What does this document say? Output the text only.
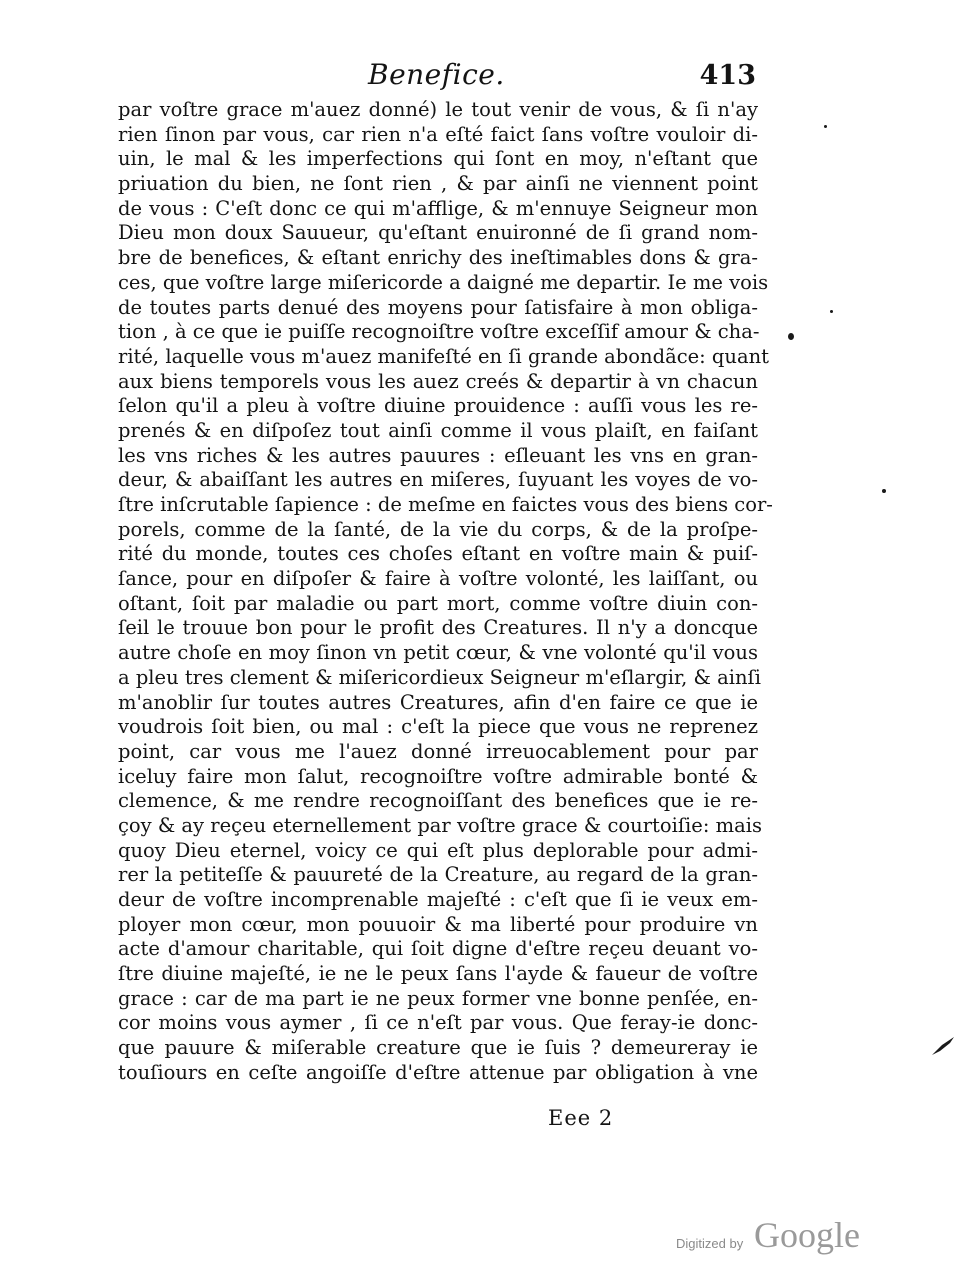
Benefice.	413
par voſtre grace m'auez donné) le tout venir de vous, & ſi n'ay
rien ſinon par vous, car rien n'a eſté faict ſans voſtre vouloir di-
uin, le mal & les imperfections qui ſont en moy, n'eſtant que
priuation du bien, ne ſont rien , & par ainſi ne viennent point
de vous : C'eſt donc ce qui m'afflige, & m'ennuye Seigneur mon
Dieu mon doux Sauueur, qu'eſtant enuironné de ſi grand nom-
bre de benefices, & eſtant enrichy des ineſtimables dons & gra-
ces, que voſtre large miſericorde a daigné me departir. Ie me vois
de toutes parts denué des moyens pour ſatisfaire à mon obliga-
tion , à ce que ie puiſſe recognoiſtre voſtre exceſſif amour & cha-
rité, laquelle vous m'auez manifeſté en ſi grande abondãce: quant
aux biens temporels vous les auez creés & departir à vn chacun
ſelon qu'il a pleu à voſtre diuine prouidence : auſſi vous les re-
prenés & en diſpoſez tout ainſi comme il vous plaiſt, en faiſant
les vns riches & les autres pauures : eſleuant les vns en gran-
deur, & abaiſſant les autres en miſeres, ſuyuant les voyes de vo-
ſtre inſcrutable ſapience : de meſme en faictes vous des biens cor-
porels, comme de la ſanté, de la vie du corps, & de la proſpe-
rité du monde, toutes ces choſes eſtant en voſtre main & puiſ-
ſance, pour en diſpoſer & faire à voſtre volonté, les laiſſant, ou
oſtant, ſoit par maladie ou part mort, comme voſtre diuin con-
ſeil le trouue bon pour le profit des Creatures. Il n'y a doncque
autre choſe en moy ſinon vn petit cœur, & vne volonté qu'il vous
a pleu tres clement & miſericordieux Seigneur m'eſlargir, & ainſi
m'anoblir ſur toutes autres Creatures, afin d'en faire ce que ie
voudrois ſoit bien, ou mal : c'eſt la piece que vous ne reprenez
point, car vous me l'auez donné irreuocablement pour par
iceluy faire mon ſalut, recognoiſtre voſtre admirable bonté &
clemence, & me rendre recognoiſſant des benefices que ie re-
çoy & ay reçeu eternellement par voſtre grace & courtoiſie: mais
quoy Dieu eternel, voicy ce qui eſt plus deplorable pour admi-
rer la petiteſſe & pauureté de la Creature, au regard de la gran-
deur de voſtre incomprenable majeſté : c'eſt que ſi ie veux em-
ployer mon cœur, mon pouuoir & ma liberté pour produire vn
acte d'amour charitable, qui ſoit digne d'eſtre reçeu deuant vo-
ſtre diuine majeſté, ie ne le peux ſans l'ayde & faueur de voſtre
grace : car de ma part ie ne peux former vne bonne penſée, en-
cor moins vous aymer , ſi ce n'eſt par vous. Que feray-ie donc-
que pauure & miſerable creature que ie ſuis ? demeureray ie
touſiours en ceſte angoiſſe d'eſtre attenue par obligation à vne
Eee 2
Digitized by Google
